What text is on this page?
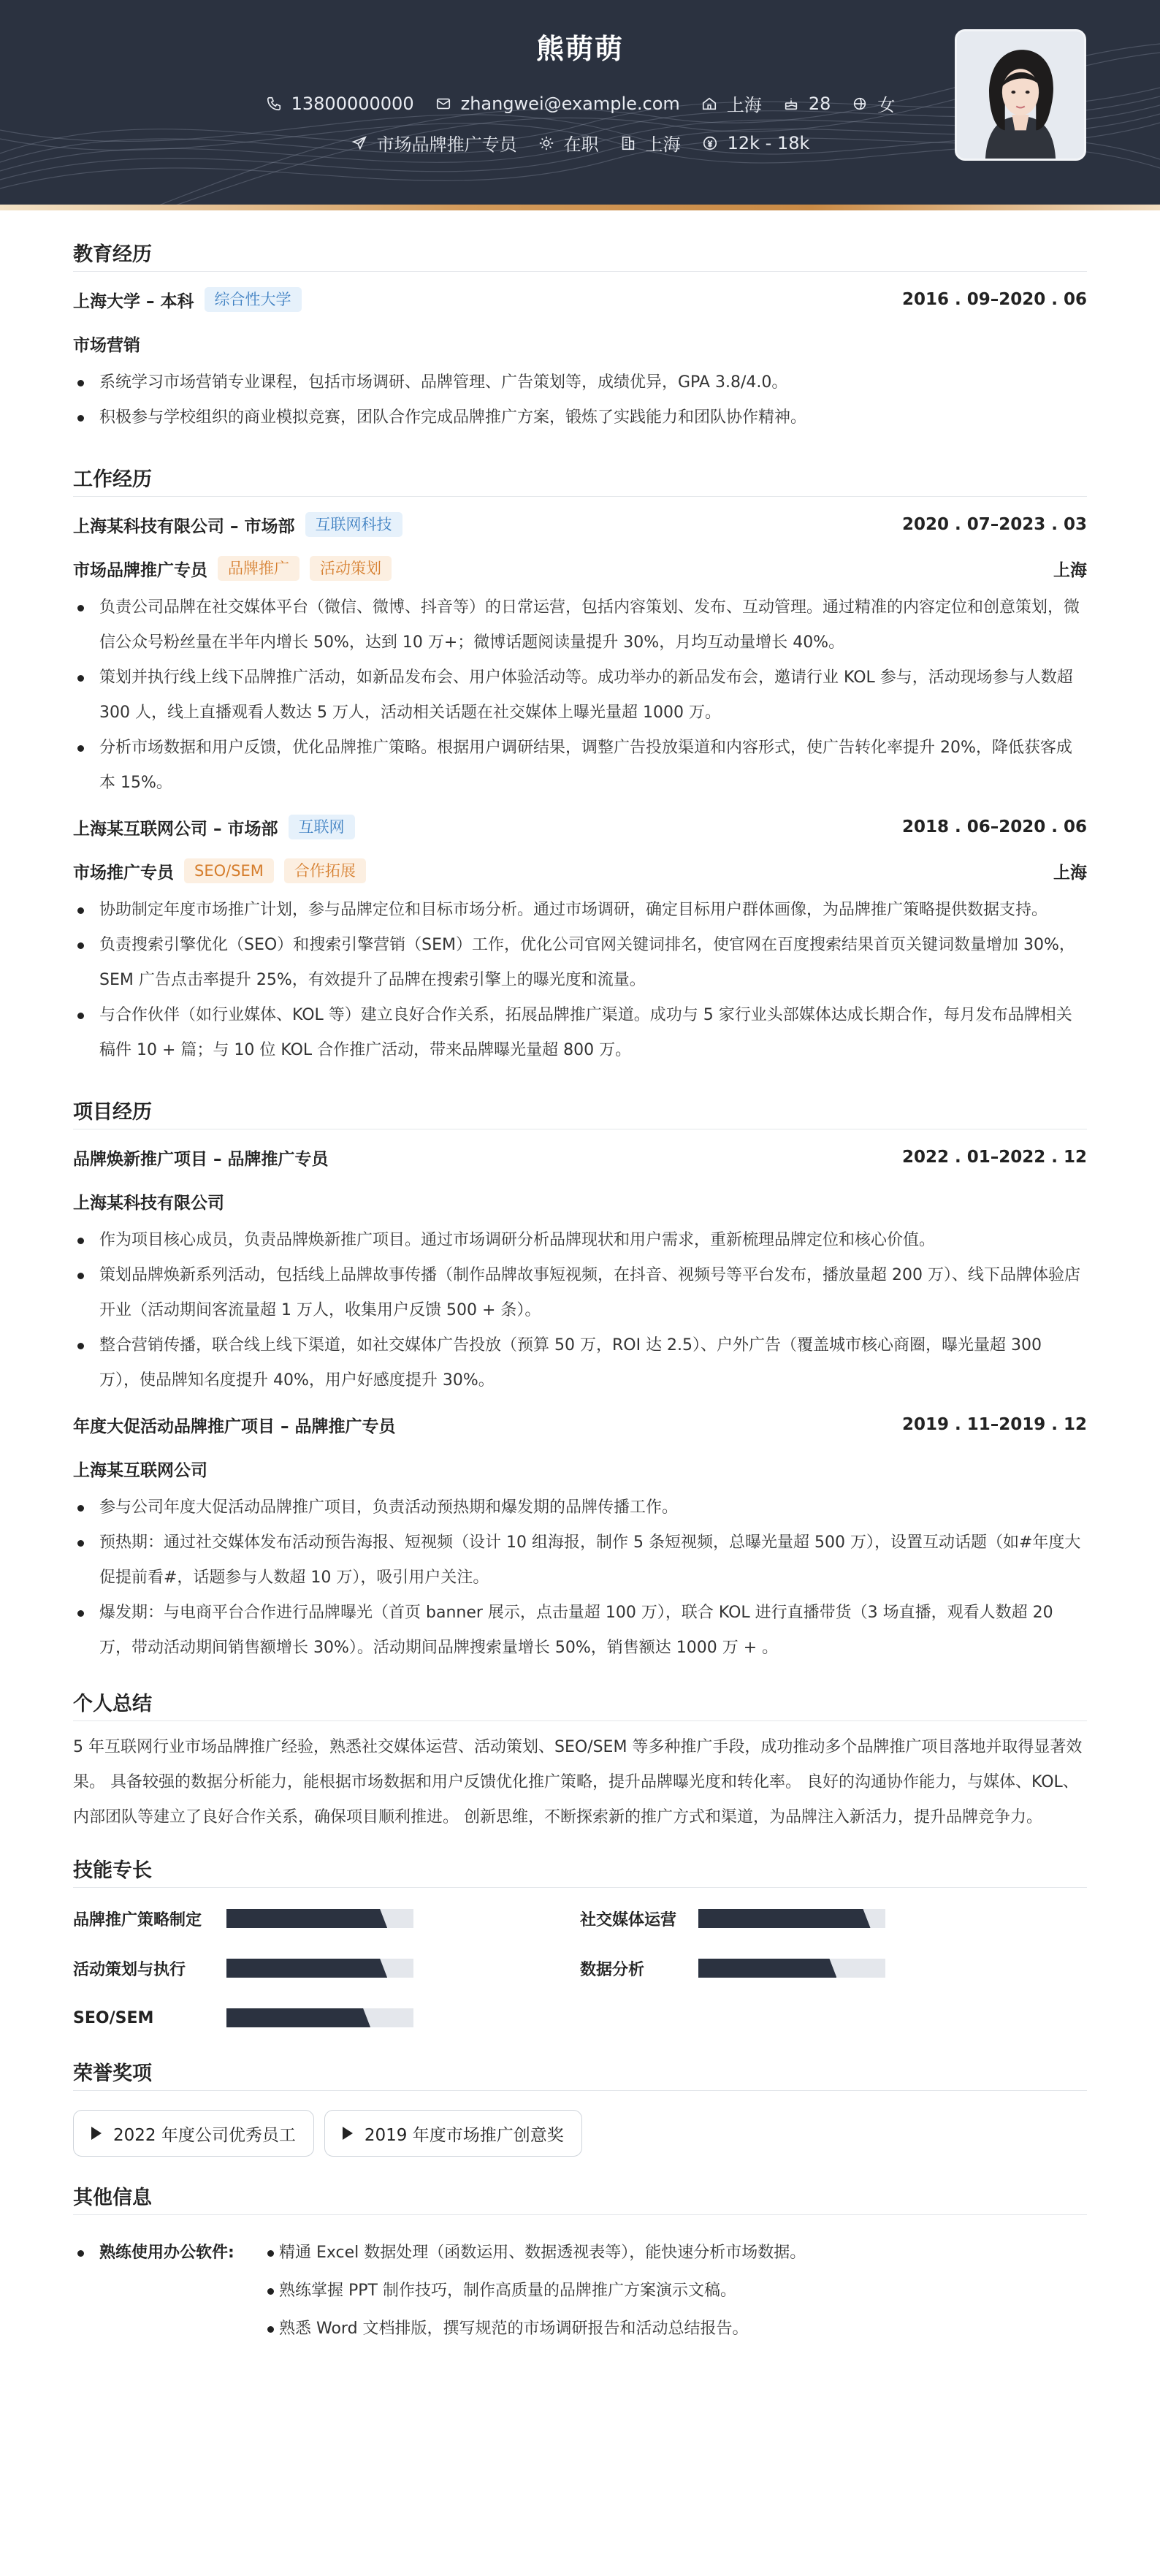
熊萌萌
13800000000	zhangwei@example.com	上海	28	女
市场品牌推广专员	在职	上海	12k - 18k
教育经历
上海大学 – 本科	综合性大学	2016 . 09–2020 . 06
市场营销
系统学习市场营销专业课程，包括市场调研、品牌管理、广告策划等，成绩优异，GPA 3.8/4.0。
积极参与学校组织的商业模拟竞赛，团队合作完成品牌推广方案，锻炼了实践能力和团队协作精神。
工作经历
上海某科技有限公司 – 市场部	互联网科技	2020 . 07–2023 . 03
市场品牌推广专员	品牌推广	活动策划	上海
负责公司品牌在社交媒体平台（微信、微博、抖音等）的日常运营，包括内容策划、发布、互动管理。通过精准的内容定位和创意策划，微信公众号粉丝量在半年内增长 50%，达到 10 万+；微博话题阅读量提升 30%，月均互动量增长 40%。
策划并执行线上线下品牌推广活动，如新品发布会、用户体验活动等。成功举办的新品发布会，邀请行业 KOL 参与，活动现场参与人数超 300 人，线上直播观看人数达 5 万人，活动相关话题在社交媒体上曝光量超 1000 万。
分析市场数据和用户反馈，优化品牌推广策略。根据用户调研结果，调整广告投放渠道和内容形式，使广告转化率提升 20%，降低获客成本 15%。
上海某互联网公司 – 市场部	互联网	2018 . 06–2020 . 06
市场推广专员	SEO/SEM	合作拓展	上海
协助制定年度市场推广计划，参与品牌定位和目标市场分析。通过市场调研，确定目标用户群体画像，为品牌推广策略提供数据支持。
负责搜索引擎优化（SEO）和搜索引擎营销（SEM）工作，优化公司官网关键词排名，使官网在百度搜索结果首页关键词数量增加 30%，SEM 广告点击率提升 25%，有效提升了品牌在搜索引擎上的曝光度和流量。
与合作伙伴（如行业媒体、KOL 等）建立良好合作关系，拓展品牌推广渠道。成功与 5 家行业头部媒体达成长期合作，每月发布品牌相关稿件 10 + 篇；与 10 位 KOL 合作推广活动，带来品牌曝光量超 800 万。
项目经历
品牌焕新推广项目 – 品牌推广专员	2022 . 01–2022 . 12
上海某科技有限公司
作为项目核心成员，负责品牌焕新推广项目。通过市场调研分析品牌现状和用户需求，重新梳理品牌定位和核心价值。
策划品牌焕新系列活动，包括线上品牌故事传播（制作品牌故事短视频，在抖音、视频号等平台发布，播放量超 200 万）、线下品牌体验店开业（活动期间客流量超 1 万人，收集用户反馈 500 + 条）。
整合营销传播，联合线上线下渠道，如社交媒体广告投放（预算 50 万，ROI 达 2.5）、户外广告（覆盖城市核心商圈，曝光量超 300 万），使品牌知名度提升 40%，用户好感度提升 30%。
年度大促活动品牌推广项目 – 品牌推广专员	2019 . 11–2019 . 12
上海某互联网公司
参与公司年度大促活动品牌推广项目，负责活动预热期和爆发期的品牌传播工作。
预热期：通过社交媒体发布活动预告海报、短视频（设计 10 组海报，制作 5 条短视频，总曝光量超 500 万），设置互动话题（如#年度大促提前看#，话题参与人数超 10 万），吸引用户关注。
爆发期：与电商平台合作进行品牌曝光（首页 banner 展示，点击量超 100 万），联合 KOL 进行直播带货（3 场直播，观看人数超 20 万，带动活动期间销售额增长 30%）。活动期间品牌搜索量增长 50%，销售额达 1000 万 + 。
个人总结
5 年互联网行业市场品牌推广经验，熟悉社交媒体运营、活动策划、SEO/SEM 等多种推广手段，成功推动多个品牌推广项目落地并取得显著效果。 具备较强的数据分析能力，能根据市场数据和用户反馈优化推广策略，提升品牌曝光度和转化率。 良好的沟通协作能力，与媒体、KOL、内部团队等建立了良好合作关系，确保项目顺利推进。 创新思维，不断探索新的推广方式和渠道，为品牌注入新活力，提升品牌竞争力。
技能专长
品牌推广策略制定	社交媒体运营
活动策划与执行	数据分析
SEO/SEM
荣誉奖项
2022 年度公司优秀员工	2019 年度市场推广创意奖
其他信息
熟练使用办公软件:	精通 Excel 数据处理（函数运用、数据透视表等），能快速分析市场数据。
熟练掌握 PPT 制作技巧，制作高质量的品牌推广方案演示文稿。
熟悉 Word 文档排版，撰写规范的市场调研报告和活动总结报告。
